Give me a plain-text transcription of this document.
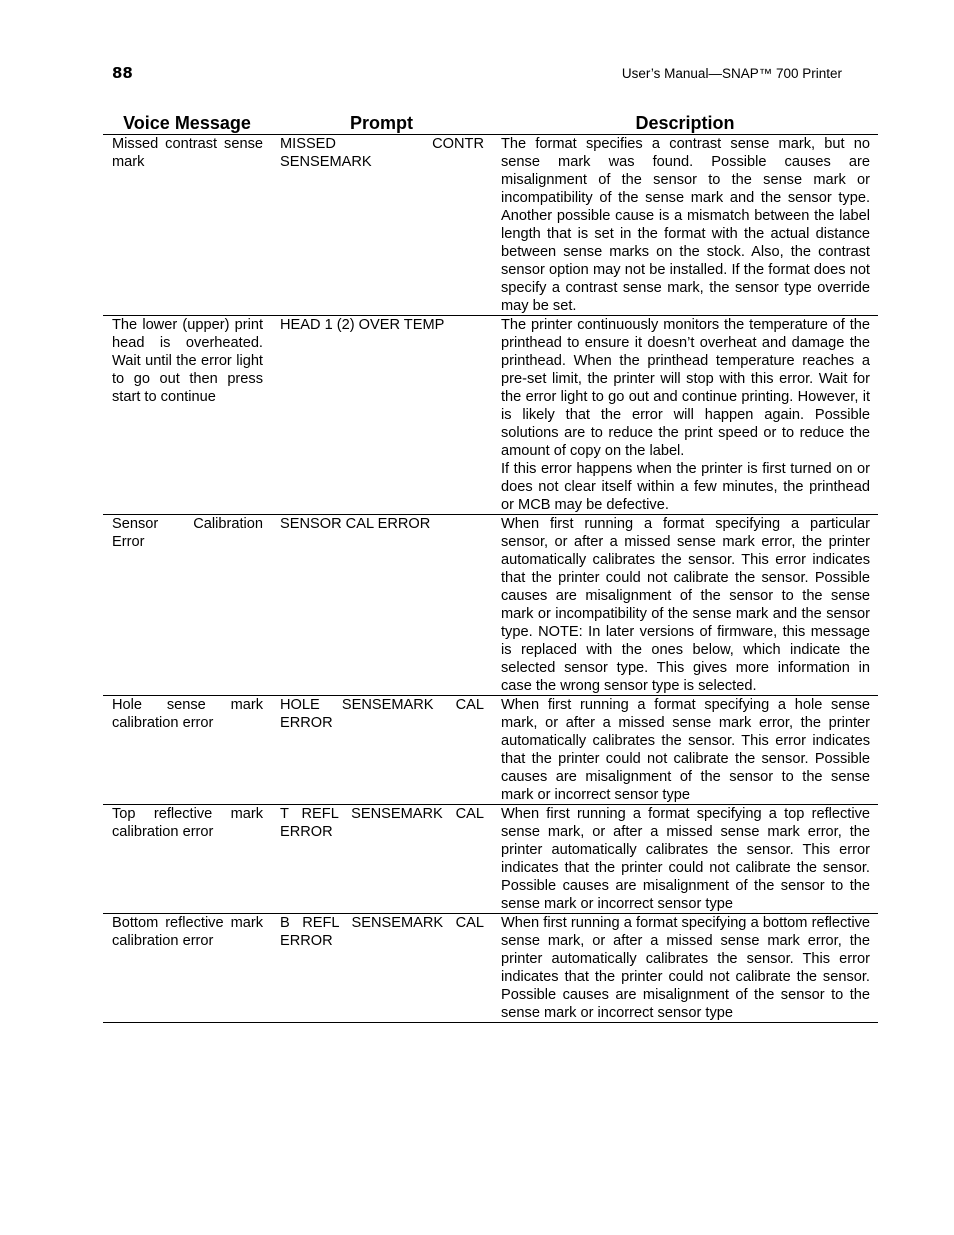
88	User’s Manual—SNAP™ 700 Printer
Voice Message	Prompt	Description
Missed contrast sense mark	MISSED CONTR SENSEMARK	The format specifies a contrast sense mark, but no sense mark was found. Possible causes are misalignment of the sensor to the sense mark or incompatibility of the sense mark and the sensor type. Another possible cause is a mismatch between the label length that is set in the format with the actual distance between sense marks on the stock. Also, the contrast sensor option may not be installed. If the format does not specify a contrast sense mark, the sensor type override may be set.

The lower (upper) print head is overheated. Wait until the error light to go out then press start to continue	HEAD 1 (2) OVER TEMP	The printer continuously monitors the temperature of the printhead to ensure it doesn’t overheat and damage the printhead. When the printhead temperature reaches a pre-set limit, the printer will stop with this error. Wait for the error light to go out and continue printing. However, it is likely that the error will happen again. Possible solutions are to reduce the print speed or to reduce the amount of copy on the label.
If this error happens when the printer is first turned on or does not clear itself within a few minutes, the printhead or MCB may be defective.

Sensor Calibration Error	SENSOR CAL ERROR	When first running a format specifying a particular sensor, or after a missed sense mark error, the printer automatically calibrates the sensor. This error indicates that the printer could not calibrate the sensor. Possible causes are misalignment of the sensor to the sense mark or incompatibility of the sense mark and the sensor type. NOTE: In later versions of firmware, this message is replaced with the ones below, which indicate the selected sensor type. This gives more information in case the wrong sensor type is selected.

Hole sense mark calibration error	HOLE SENSEMARK CAL ERROR	When first running a format specifying a hole sense mark, or after a missed sense mark error, the printer automatically calibrates the sensor. This error indicates that the printer could not calibrate the sensor. Possible causes are misalignment of the sensor to the sense mark or incorrect sensor type

Top reflective mark calibration error	T REFL SENSEMARK CAL ERROR	When first running a format specifying a top reflective sense mark, or after a missed sense mark error, the printer automatically calibrates the sensor. This error indicates that the printer could not calibrate the sensor. Possible causes are misalignment of the sensor to the sense mark or incorrect sensor type

Bottom reflective mark calibration error	B REFL SENSEMARK CAL ERROR	When first running a format specifying a bottom reflective sense mark, or after a missed sense mark error, the printer automatically calibrates the sensor. This error indicates that the printer could not calibrate the sensor. Possible causes are misalignment of the sensor to the sense mark or incorrect sensor type
